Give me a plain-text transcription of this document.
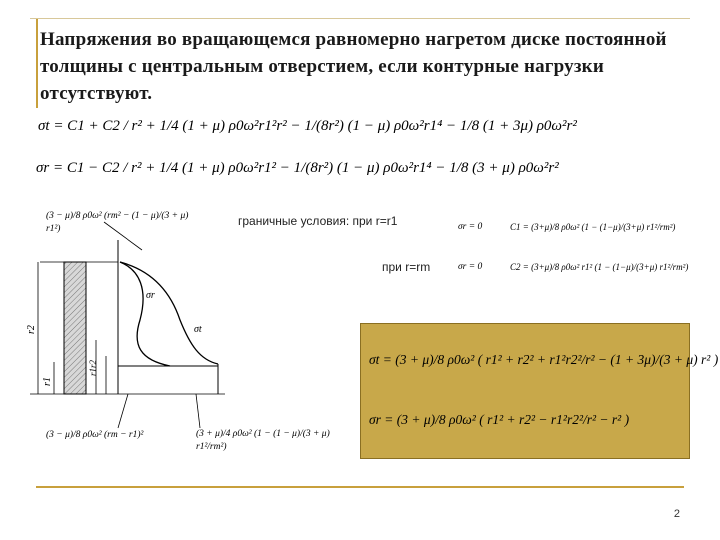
Напряжения во вращающемся равномерно нагретом диске постоянной толщины с центральным отверстием, если контурные нагрузки отсутствуют.
σt = C1 + C2 / r² + 1/4 (1 + μ) ρ0ω²r1²r² − 1/(8r²) (1 − μ) ρ0ω²r1⁴ − 1/8 (1 + 3μ) ρ0ω²r²
σr = C1 − C2 / r² + 1/4 (1 + μ) ρ0ω²r1² − 1/(8r²) (1 − μ) ρ0ω²r1⁴ − 1/8 (3 + μ) ρ0ω²r²
граничные условия: при r=r1	σr = 0	C1 = (3+μ)/8 ρ0ω² (1 − (1−μ)/(3+μ) r1²/rm²)
при r=rm	σr = 0	C2 = (3+μ)/8 ρ0ω² r1² (1 − (1−μ)/(3+μ) r1²/rm²)
(3 − μ)/8 ρ0ω² (rm² − (1 − μ)/(3 + μ) r1²)
(3 − μ)/8 ρ0ω² (rm − r1)²	(3 + μ)/4 ρ0ω² (1 − (1 − μ)/(3 + μ) r1²/rm²)
σr
σt
r2
r1
r1r2
σt = (3 + μ)/8 ρ0ω² ( r1² + r2² + r1²r2²/r² − (1 + 3μ)/(3 + μ) r² )
σr = (3 + μ)/8 ρ0ω² ( r1² + r2² − r1²r2²/r² − r² )
2
